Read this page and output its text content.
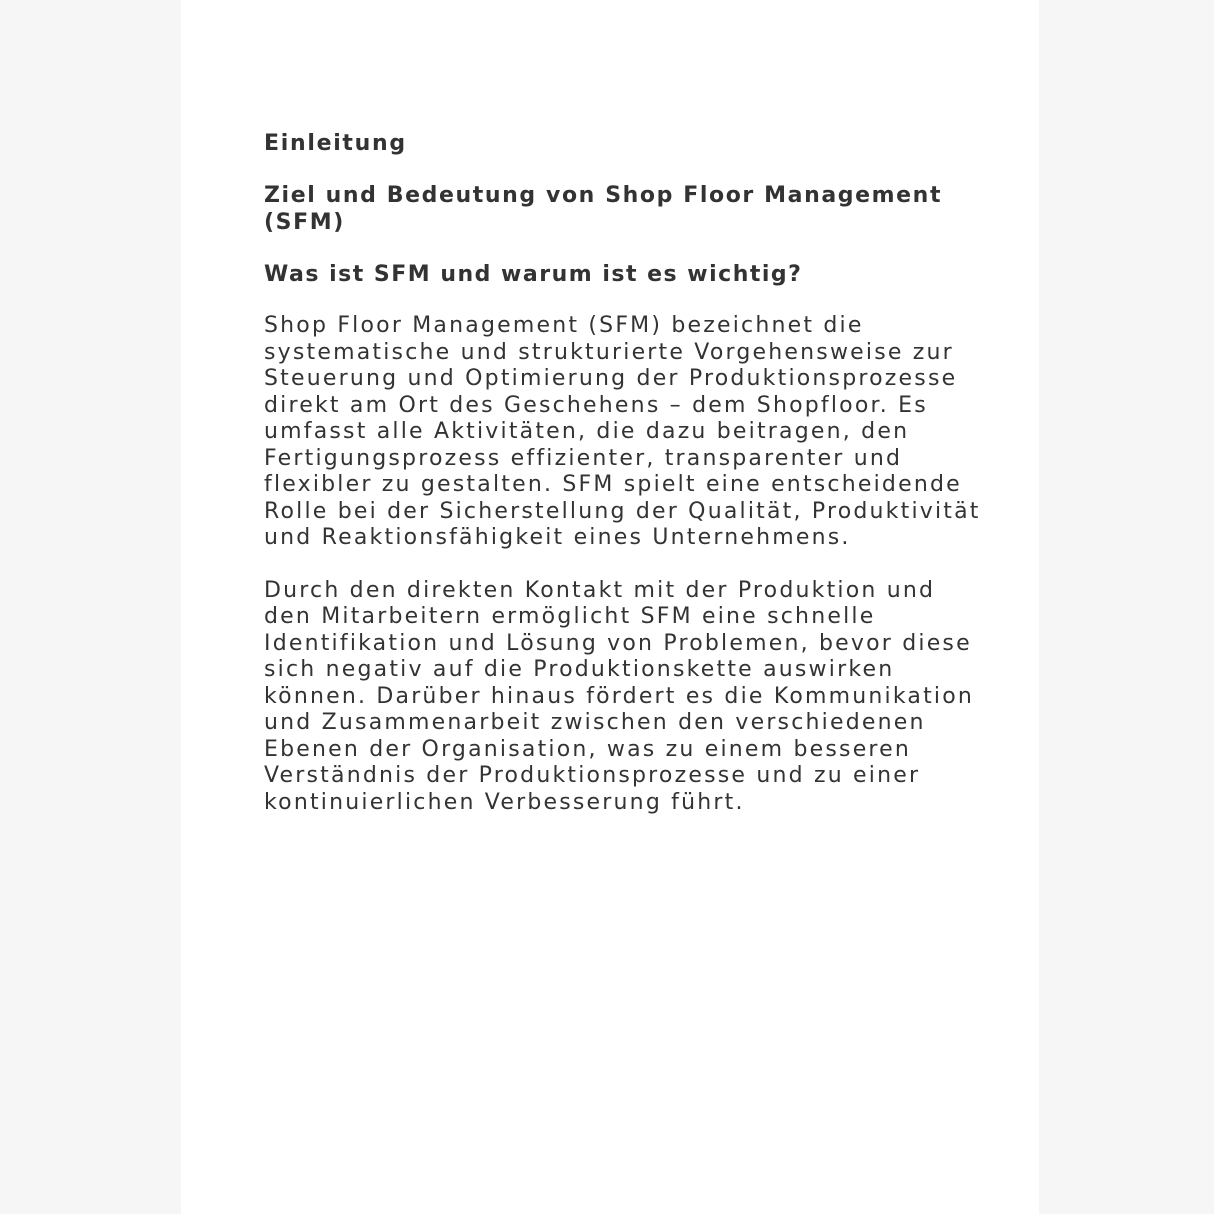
Einleitung
Ziel und Bedeutung von Shop Floor Management (SFM)
Was ist SFM und warum ist es wichtig?

Shop Floor Management (SFM) bezeichnet die systematische und strukturierte Vorgehensweise zur Steuerung und Optimierung der Produktionsprozesse direkt am Ort des Geschehens – dem Shopfloor. Es umfasst alle Aktivitäten, die dazu beitragen, den Fertigungsprozess effizienter, transparenter und flexibler zu gestalten. SFM spielt eine entscheidende Rolle bei der Sicherstellung der Qualität, Produktivität und Reaktionsfähigkeit eines Unternehmens.

Durch den direkten Kontakt mit der Produktion und den Mitarbeitern ermöglicht SFM eine schnelle Identifikation und Lösung von Problemen, bevor diese sich negativ auf die Produktionskette auswirken können. Darüber hinaus fördert es die Kommunikation und Zusammenarbeit zwischen den verschiedenen Ebenen der Organisation, was zu einem besseren Verständnis der Produktionsprozesse und zu einer kontinuierlichen Verbesserung führt.
